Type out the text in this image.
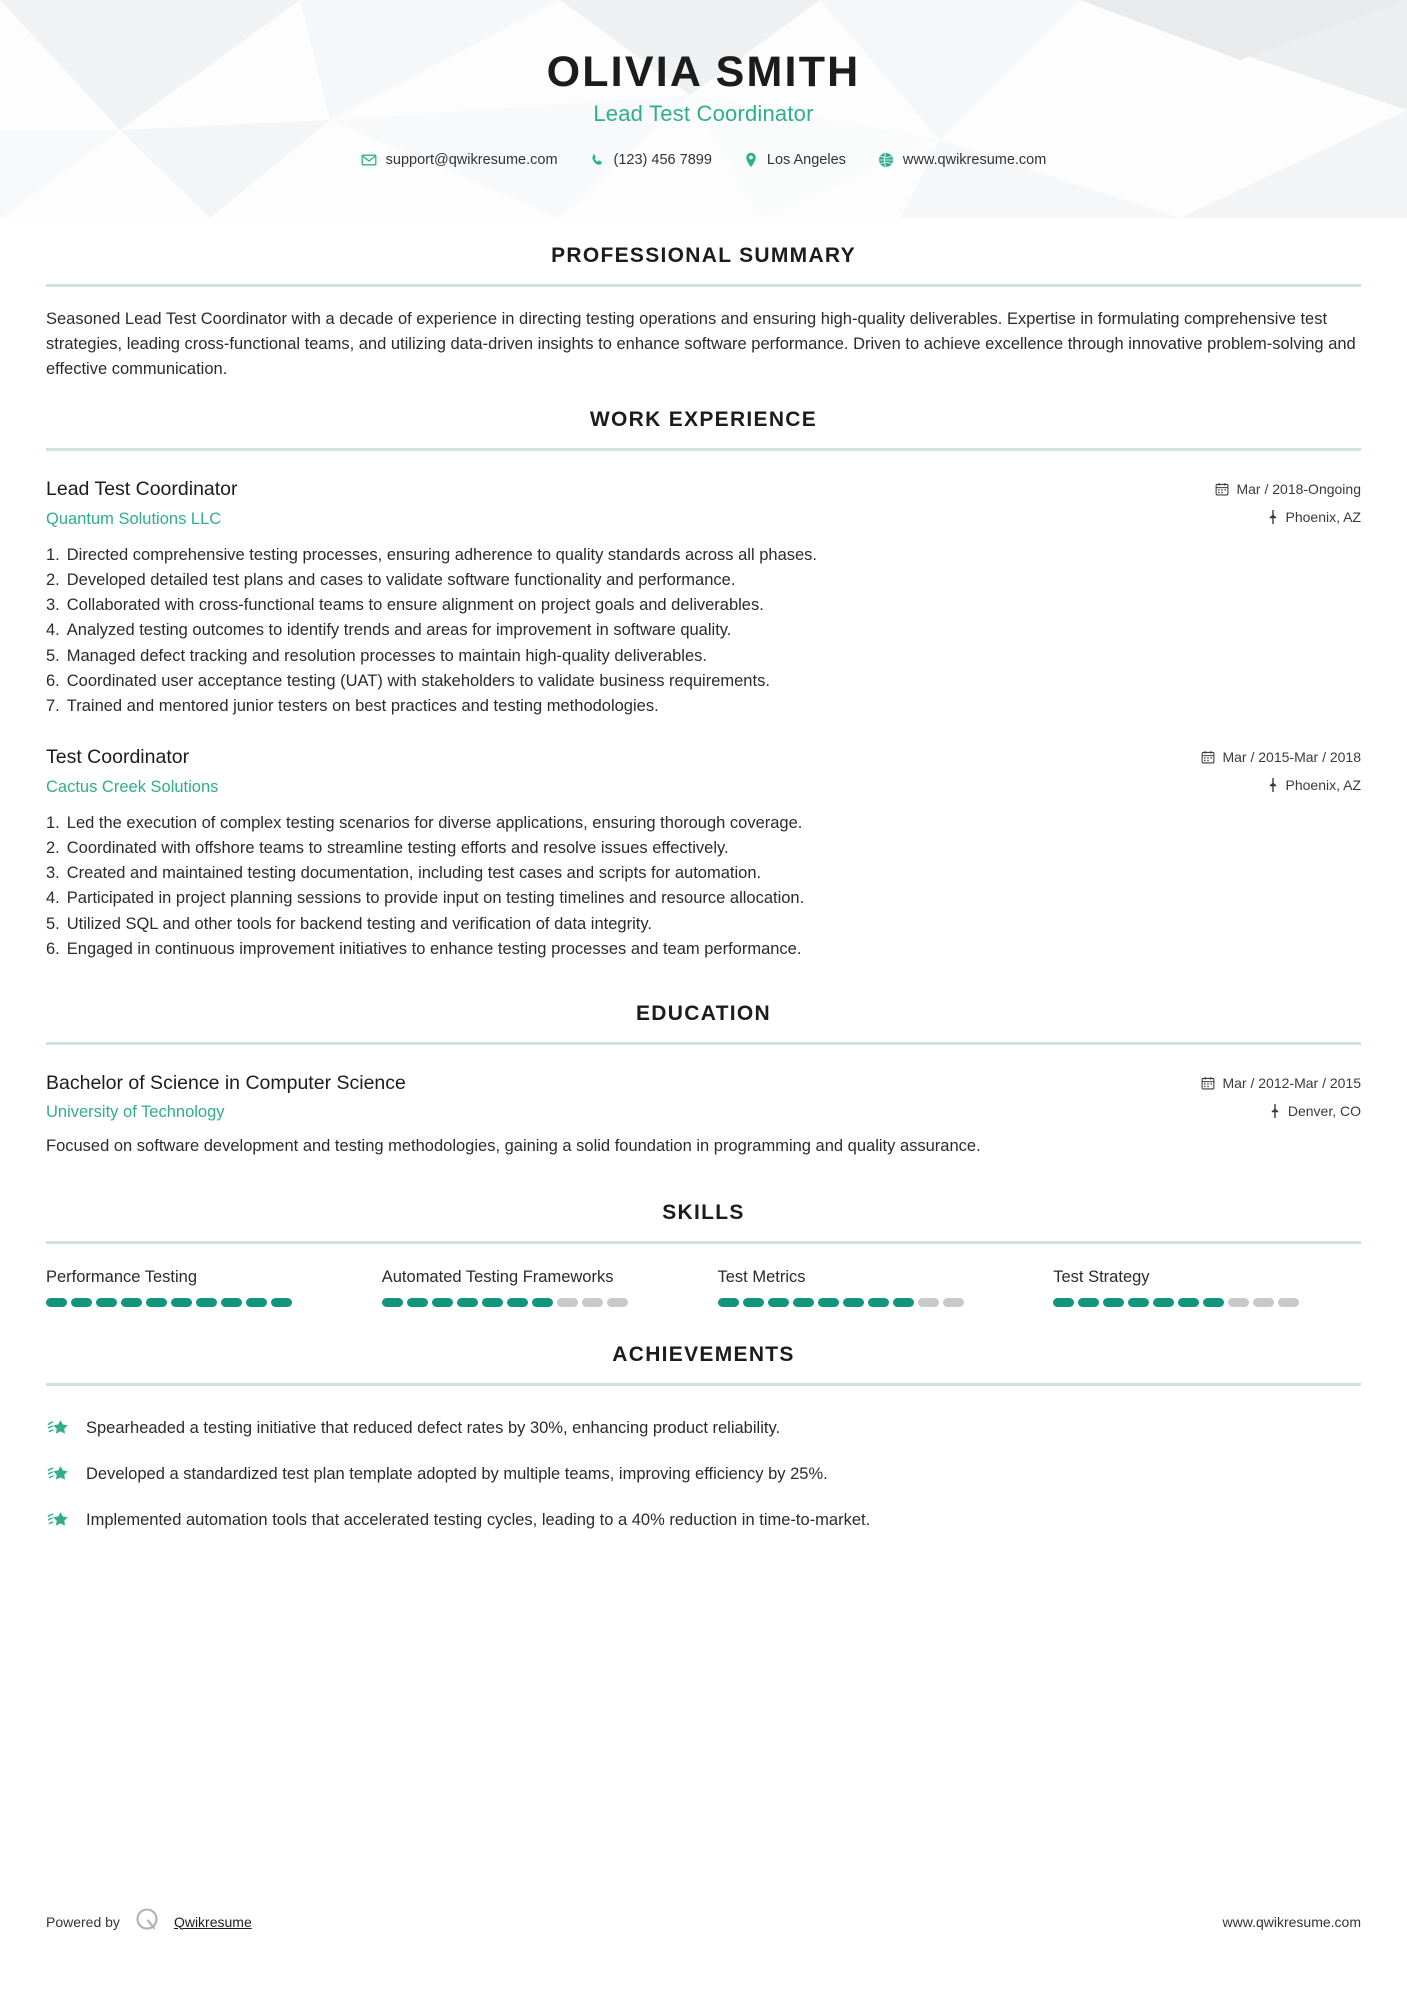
OLIVIA SMITH
Lead Test Coordinator
support@qwikresume.com	(123) 456 7899	Los Angeles	www.qwikresume.com
PROFESSIONAL SUMMARY

Seasoned Lead Test Coordinator with a decade of experience in directing testing operations and ensuring high-quality deliverables. Expertise in formulating comprehensive test strategies, leading cross-functional teams, and utilizing data-driven insights to enhance software performance. Driven to achieve excellence through innovative problem-solving and effective communication.

WORK EXPERIENCE
Lead Test Coordinator
Quantum Solutions LLC
Mar / 2018-Ongoing
Phoenix, AZ
1. Directed comprehensive testing processes, ensuring adherence to quality standards across all phases.
2. Developed detailed test plans and cases to validate software functionality and performance.
3. Collaborated with cross-functional teams to ensure alignment on project goals and deliverables.
4. Analyzed testing outcomes to identify trends and areas for improvement in software quality.
5. Managed defect tracking and resolution processes to maintain high-quality deliverables.
6. Coordinated user acceptance testing (UAT) with stakeholders to validate business requirements.
7. Trained and mentored junior testers on best practices and testing methodologies.
Test Coordinator
Cactus Creek Solutions
Mar / 2015-Mar / 2018
Phoenix, AZ
1. Led the execution of complex testing scenarios for diverse applications, ensuring thorough coverage.
2. Coordinated with offshore teams to streamline testing efforts and resolve issues effectively.
3. Created and maintained testing documentation, including test cases and scripts for automation.
4. Participated in project planning sessions to provide input on testing timelines and resource allocation.
5. Utilized SQL and other tools for backend testing and verification of data integrity.
6. Engaged in continuous improvement initiatives to enhance testing processes and team performance.
EDUCATION
Bachelor of Science in Computer Science
University of Technology
Mar / 2012-Mar / 2015
Denver, CO
Focused on software development and testing methodologies, gaining a solid foundation in programming and quality assurance.
SKILLS
Performance Testing	Automated Testing Frameworks	Test Metrics	Test Strategy
ACHIEVEMENTS
Spearheaded a testing initiative that reduced defect rates by 30%, enhancing product reliability.
Developed a standardized test plan template adopted by multiple teams, improving efficiency by 25%.
Implemented automation tools that accelerated testing cycles, leading to a 40% reduction in time-to-market.
Powered by	Qwikresume	www.qwikresume.com
